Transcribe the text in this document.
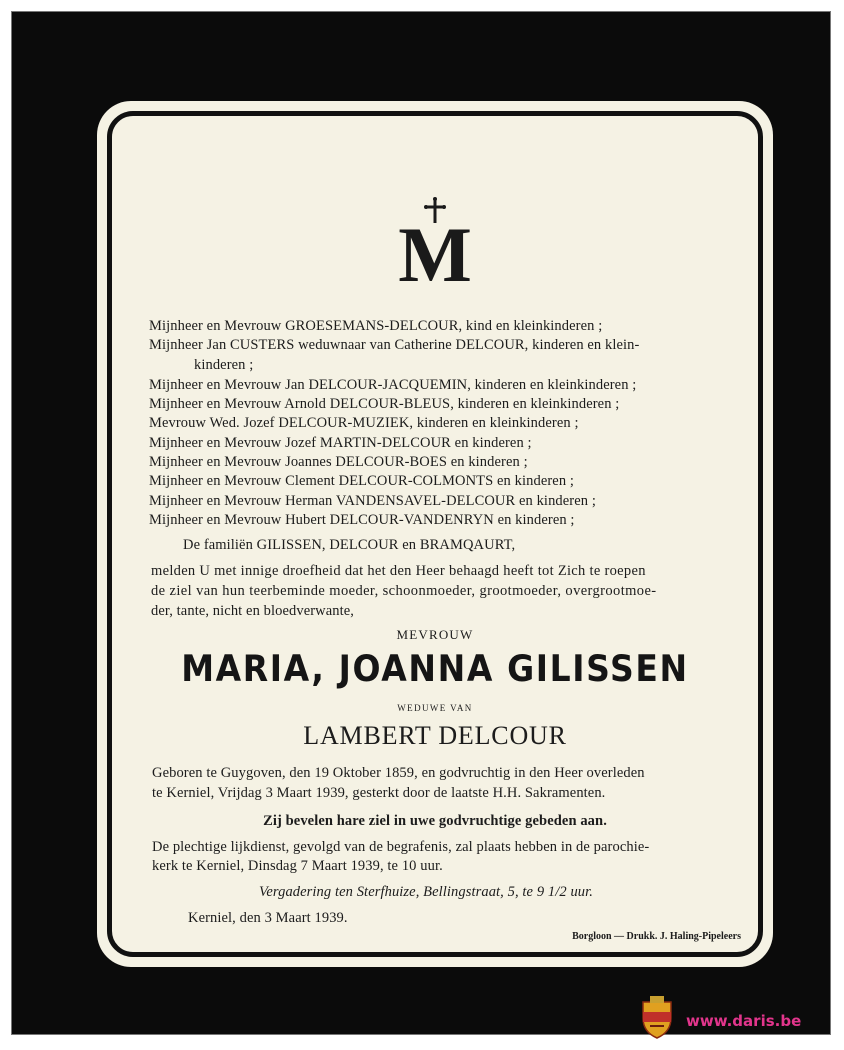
M
Mijnheer en Mevrouw GROESEMANS-DELCOUR, kind en kleinkinderen ;
Mijnheer Jan CUSTERS weduwnaar van Catherine DELCOUR, kinderen en klein-
kinderen ;
Mijnheer en Mevrouw Jan DELCOUR-JACQUEMIN, kinderen en kleinkinderen ;
Mijnheer en Mevrouw Arnold DELCOUR-BLEUS, kinderen en kleinkinderen ;
Mevrouw Wed. Jozef DELCOUR-MUZIEK, kinderen en kleinkinderen ;
Mijnheer en Mevrouw Jozef MARTIN-DELCOUR en kinderen ;
Mijnheer en Mevrouw Joannes DELCOUR-BOES en kinderen ;
Mijnheer en Mevrouw Clement DELCOUR-COLMONTS en kinderen ;
Mijnheer en Mevrouw Herman VANDENSAVEL-DELCOUR en kinderen ;
Mijnheer en Mevrouw Hubert DELCOUR-VANDENRYN en kinderen ;
De familiën GILISSEN, DELCOUR en BRAMQAURT,
melden U met innige droefheid dat het den Heer behaagd heeft tot Zich te roepen
de ziel van hun teerbeminde moeder, schoonmoeder, grootmoeder, overgrootmoe-
der, tante, nicht en bloedverwante,
MEVROUW
MARIA, JOANNA GILISSEN
WEDUWE VAN
LAMBERT DELCOUR
Geboren te Guygoven, den 19 Oktober 1859, en godvruchtig in den Heer overleden
te Kerniel, Vrijdag 3 Maart 1939, gesterkt door de laatste H.H. Sakramenten.
Zij bevelen hare ziel in uwe godvruchtige gebeden aan.
De plechtige lijkdienst, gevolgd van de begrafenis, zal plaats hebben in de parochie-
kerk te Kerniel, Dinsdag 7 Maart 1939, te 10 uur.
Vergadering ten Sterfhuize, Bellingstraat, 5, te 9 1/2 uur.
Kerniel, den 3 Maart 1939.
Borgloon — Drukk. J. Haling-Pipeleers
www.daris.be
